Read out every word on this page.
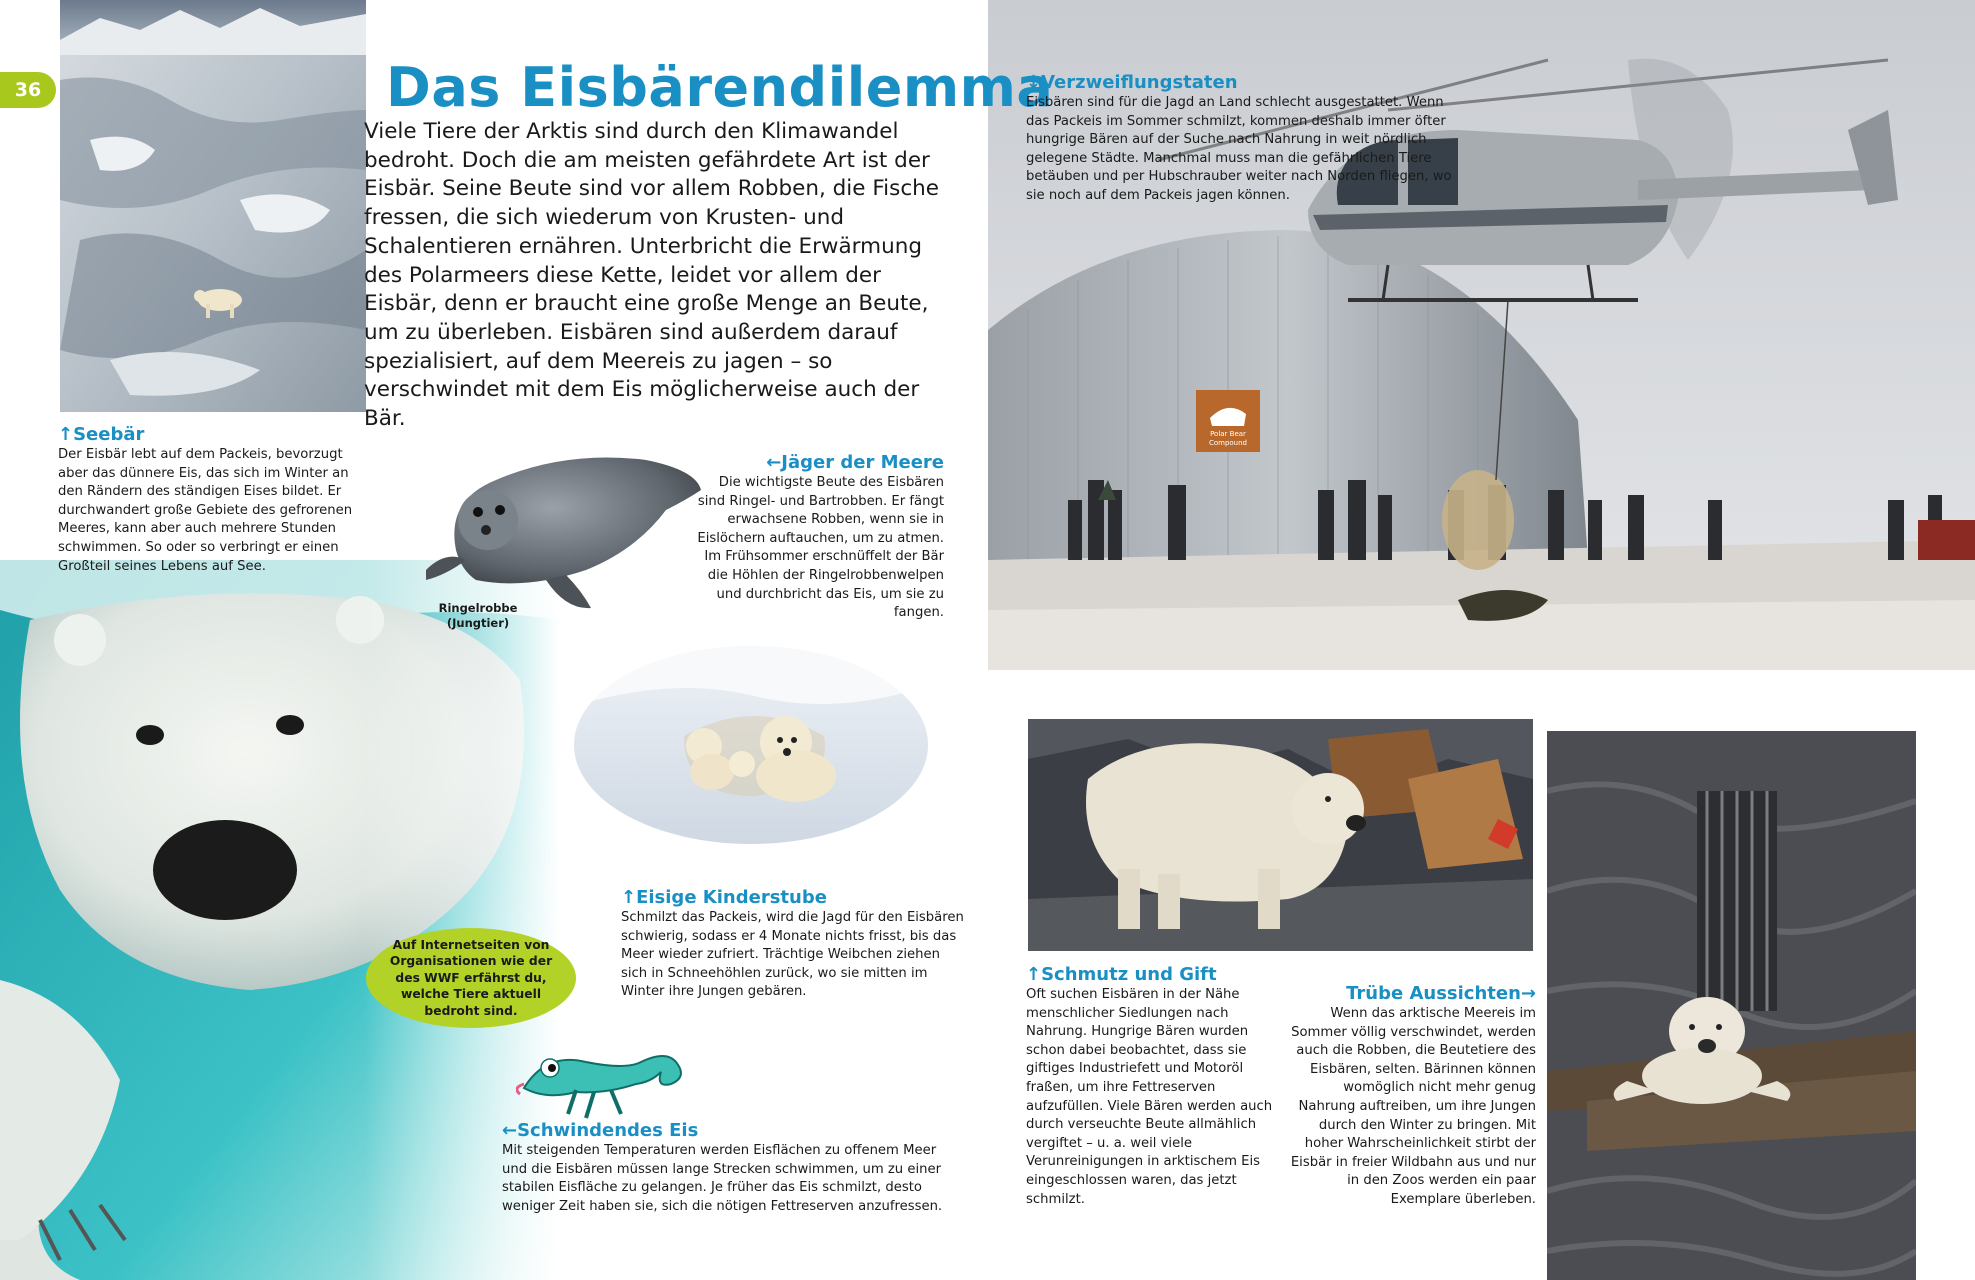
36
Ringelrobbe (Jungtier)
Auf Internetseiten von Organisationen wie der des WWF erfährst du, welche Tiere aktuell bedroht sind.
Polar Bear
Compound
Das Eisbärendilemma
Viele Tiere der Arktis sind durch den Klimawandel bedroht. Doch die am meisten gefährdete Art ist der Eisbär. Seine Beute sind vor allem Robben, die Fische fressen, die sich wiederum von Krusten- und Schalentieren ernähren. Unterbricht die Erwärmung des Polarmeers diese Kette, leidet vor allem der Eisbär, denn er braucht eine große Menge an Beute, um zu überleben. Eisbären sind außerdem darauf spezialisiert, auf dem Meereis zu jagen – so verschwindet mit dem Eis möglicherweise auch der Bär.
↑Seebär
Der Eisbär lebt auf dem Packeis, bevorzugt aber das dünnere Eis, das sich im Winter an den Rändern des ständigen Eises bildet. Er durchwandert große Gebiete des gefrorenen Meeres, kann aber auch mehrere Stunden schwimmen. So oder so verbringt er einen Großteil seines Lebens auf See.
←Jäger der Meere
Die wichtigste Beute des Eisbären sind Ringel- und Bartrobben. Er fängt erwachsene Robben, wenn sie in Eislöchern auftauchen, um zu atmen. Im Frühsommer erschnüffelt der Bär die Höhlen der Ringelrobbenwelpen und durchbricht das Eis, um sie zu fangen.
↑Eisige Kinderstube
Schmilzt das Packeis, wird die Jagd für den Eisbären schwierig, sodass er 4 Monate nichts frisst, bis das Meer wieder zufriert. Trächtige Weibchen ziehen sich in Schneehöhlen zurück, wo sie mitten im Winter ihre Jungen gebären.
←Schwindendes Eis
Mit steigenden Temperaturen werden Eisflächen zu offenem Meer und die Eisbären müssen lange Strecken schwimmen, um zu einer stabilen Eisfläche zu gelangen. Je früher das Eis schmilzt, desto weniger Zeit haben sie, sich die nötigen Fettreserven anzufressen.
↓Verzweiflungstaten
Eisbären sind für die Jagd an Land schlecht ausgestattet. Wenn das Packeis im Sommer schmilzt, kommen deshalb immer öfter hungrige Bären auf der Suche nach Nahrung in weit nördlich gelegene Städte. Manchmal muss man die gefährlichen Tiere betäuben und per Hubschrauber weiter nach Norden fliegen, wo sie noch auf dem Packeis jagen können.
↑Schmutz und Gift
Oft suchen Eisbären in der Nähe menschlicher Siedlungen nach Nahrung. Hungrige Bären wurden schon dabei beobachtet, dass sie giftiges Industriefett und Motoröl fraßen, um ihre Fettreserven aufzufüllen. Viele Bären werden auch durch verseuchte Beute allmählich vergiftet – u. a. weil viele Verunreinigungen in arktischem Eis eingeschlossen waren, das jetzt schmilzt.
Trübe Aussichten→
Wenn das arktische Meereis im Sommer völlig verschwindet, werden auch die Robben, die Beutetiere des Eisbären, selten. Bärinnen können womöglich nicht mehr genug Nahrung auftreiben, um ihre Jungen durch den Winter zu bringen. Mit hoher Wahrscheinlichkeit stirbt der Eisbär in freier Wildbahn aus und nur in den Zoos werden ein paar Exemplare überleben.
